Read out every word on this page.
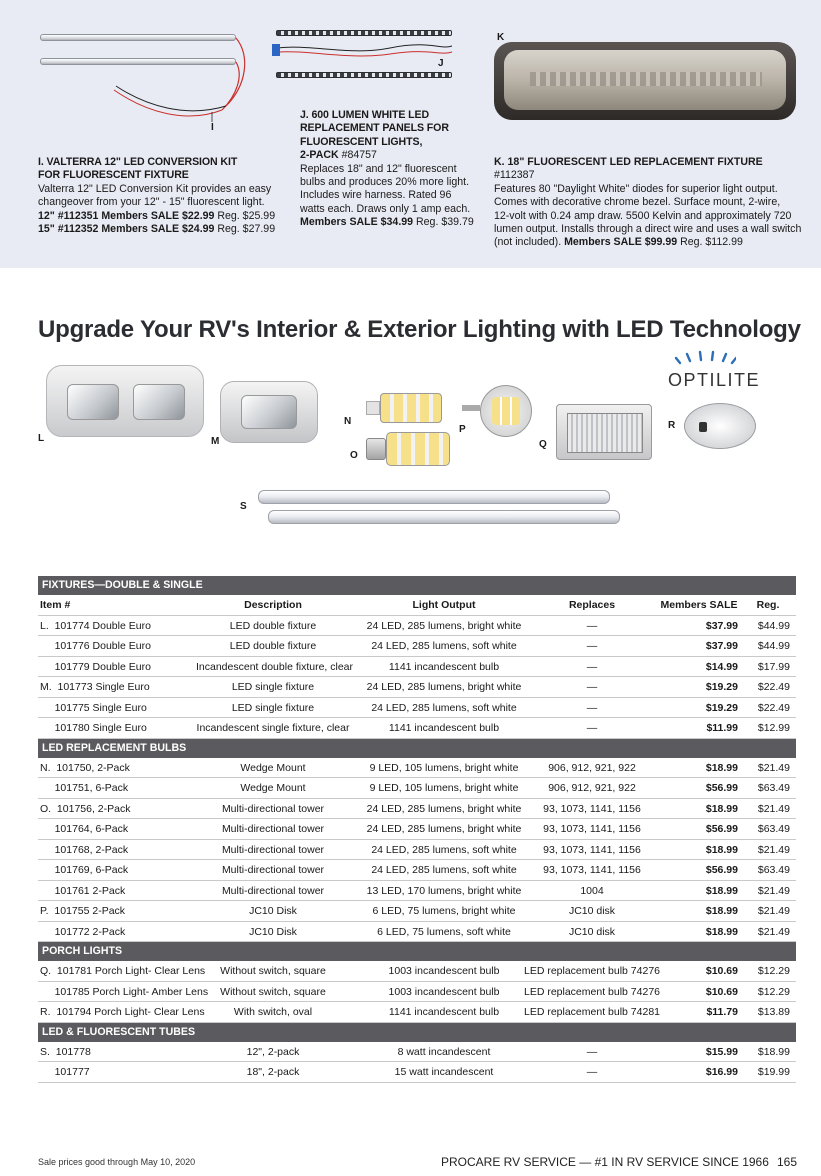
I
J
K
I. VALTERRA 12" LED CONVERSION KIT
FOR FLUORESCENT FIXTURE
Valterra 12" LED Conversion Kit provides an easy
changeover from your 12" - 15" fluorescent light.
12" #112351 Members SALE $22.99 Reg. $25.99
15" #112352 Members SALE $24.99 Reg. $27.99
J. 600 LUMEN WHITE LED
REPLACEMENT PANELS FOR
FLUORESCENT LIGHTS,
2-PACK #84757
Replaces 18" and 12" fluorescent
bulbs and produces 20% more light.
Includes wire harness. Rated 96
watts each. Draws only 1 amp each.
Members SALE $34.99 Reg. $39.79
K. 18" FLUORESCENT LED REPLACEMENT FIXTURE #112387
Features 80 "Daylight White" diodes for superior light output.
Comes with decorative chrome bezel. Surface mount, 2-wire,
12-volt with 0.24 amp draw. 5500 Kelvin and approximately 720
lumen output. Installs through a direct wire and uses a wall switch
(not included). Members SALE $99.99 Reg. $112.99
Upgrade Your RV's Interior & Exterior Lighting with LED Technology
OPTILITE
L	M
N
O
P
Q
R
S
FIXTURES—DOUBLE & SINGLE
Item #	Description	Light Output	Replaces	Members SALE	Reg.
L.  101774 Double Euro	LED double fixture	24 LED, 285 lumens, bright white	—	$37.99	$44.99
101776 Double Euro	LED double fixture	24 LED, 285 lumens, soft white	—	$37.99	$44.99
101779 Double Euro	Incandescent double fixture, clear	1141 incandescent bulb	—	$14.99	$17.99
M.  101773 Single Euro	LED single fixture	24 LED, 285 lumens, bright white	—	$19.29	$22.49
101775 Single Euro	LED single fixture	24 LED, 285 lumens, soft white	—	$19.29	$22.49
101780 Single Euro	Incandescent single fixture, clear	1141 incandescent bulb	—	$11.99	$12.99
LED REPLACEMENT BULBS
N.  101750, 2-Pack	Wedge Mount	9 LED, 105 lumens, bright white	906, 912, 921, 922	$18.99	$21.49
101751, 6-Pack	Wedge Mount	9 LED, 105 lumens, bright white	906, 912, 921, 922	$56.99	$63.49
O.  101756, 2-Pack	Multi-directional tower	24 LED, 285 lumens, bright white	93, 1073, 1141, 1156	$18.99	$21.49
101764, 6-Pack	Multi-directional tower	24 LED, 285 lumens, bright white	93, 1073, 1141, 1156	$56.99	$63.49
101768, 2-Pack	Multi-directional tower	24 LED, 285 lumens, soft white	93, 1073, 1141, 1156	$18.99	$21.49
101769, 6-Pack	Multi-directional tower	24 LED, 285 lumens, soft white	93, 1073, 1141, 1156	$56.99	$63.49
101761 2-Pack	Multi-directional tower	13 LED, 170 lumens, bright white	1004	$18.99	$21.49
P.  101755 2-Pack	JC10 Disk	6 LED, 75 lumens, bright white	JC10 disk	$18.99	$21.49
101772 2-Pack	JC10 Disk	6 LED, 75 lumens, soft white	JC10 disk	$18.99	$21.49
PORCH LIGHTS
Q.  101781 Porch Light- Clear Lens	Without switch, square	1003 incandescent bulb	LED replacement bulb 74276	$10.69	$12.29
101785 Porch Light- Amber Lens	Without switch, square	1003 incandescent bulb	LED replacement bulb 74276	$10.69	$12.29
R.  101794 Porch Light- Clear Lens	With switch, oval	1141 incandescent bulb	LED replacement bulb 74281	$11.79	$13.89
LED & FLUORESCENT TUBES
S.  101778	12", 2-pack	8 watt incandescent	—	$15.99	$18.99
101777	18", 2-pack	15 watt incandescent	—	$16.99	$19.99
Sale prices good through May 10, 2020	PROCARE RV SERVICE — #1 IN RV SERVICE SINCE 1966 165
